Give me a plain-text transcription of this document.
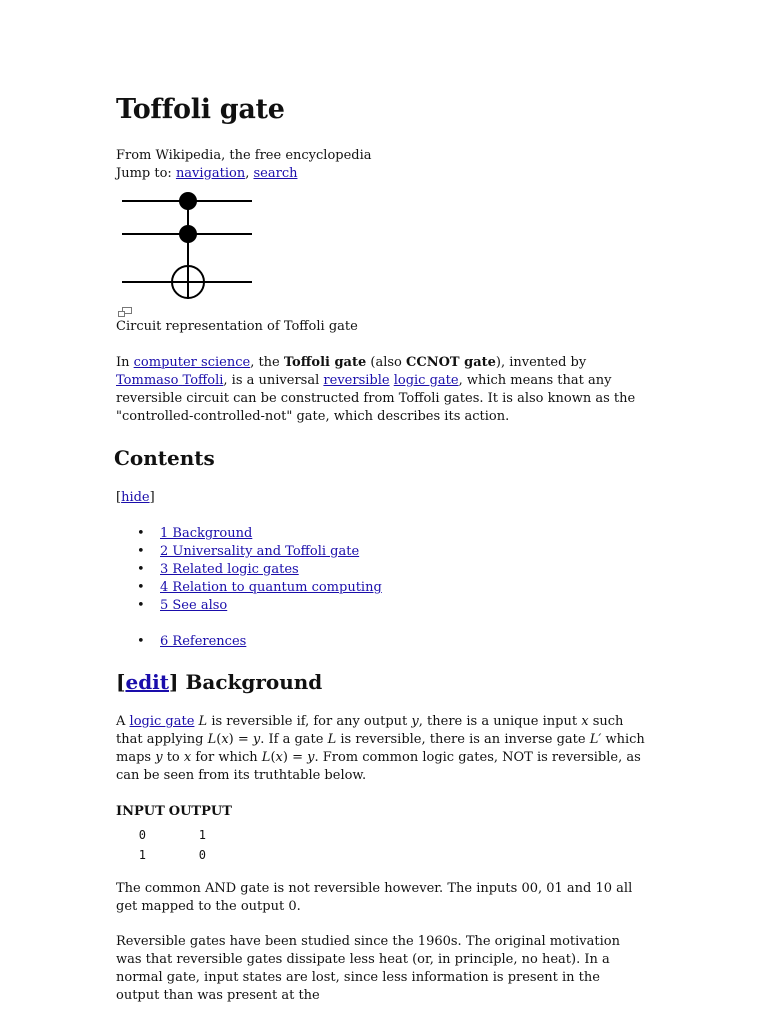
Toffoli gate
From Wikipedia, the free encyclopedia
Jump to: navigation, search
Circuit representation of Toffoli gate

In computer science, the Toffoli gate (also CCNOT gate), invented by Tommaso Toffoli, is a universal reversible logic gate, which means that any reversible circuit can be constructed from Toffoli gates. It is also known as the "controlled-controlled-not" gate, which describes its action.

Contents
[hide]
• 1 Background
• 2 Universality and Toffoli gate
• 3 Related logic gates
• 4 Relation to quantum computing
• 5 See also
• 6 References
[edit] Background

A logic gate L is reversible if, for any output y, there is a unique input x such that applying L(x) = y. If a gate L is reversible, there is an inverse gate L′ which maps y to x for which L(x) = y. From common logic gates, NOT is reversible, as can be seen from its truthtable below.

INPUT	OUTPUT
0	1
1	0

The common AND gate is not reversible however. The inputs 00, 01 and 10 all get mapped to the output 0.

Reversible gates have been studied since the 1960s. The original motivation was that reversible gates dissipate less heat (or, in principle, no heat). In a normal gate, input states are lost, since less information is present in the output than was present at the
